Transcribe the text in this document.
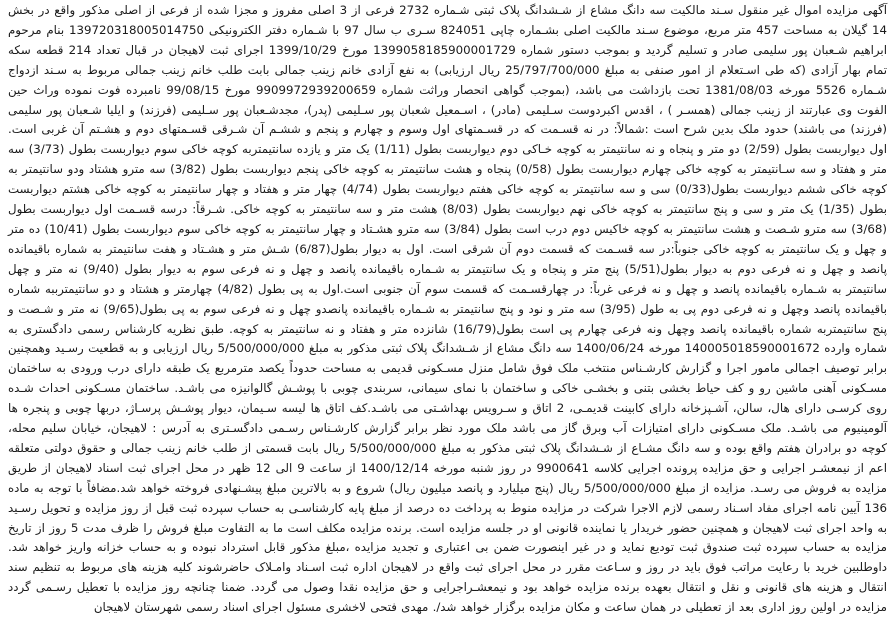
آگهی مزایده اموال غیر منقول سـند مالکیت سه دانگ مشاع از شـشدانگ پلاک ثبتی شـماره 2732 فرعی از 3 اصلی مفروز و مجزا شده از فرعی از اصلی مذکور واقع در بخش 14 گیلان به مساحت 457 متر مربع، موضوع سـند مالکیت اصلی بشـماره چاپی 824051 سـری ب سال 97 با شـماره دفتر الکترونیکی 139720318005014750 بنام مرحوم ابراهیم شـعبان پور سلیمی صادر و تسلیم گردید و بموجب دستور شماره 1399058185900001729 مورخ 1399/10/29 اجرای ثبت لاهیجان در قبال تعداد 214 قطعه سکه تمام بهار آزادی (که طی اسـتعلام از امور صنفی به مبلغ 25/797/700/000 ریال ارزیابی) به نفع آزادی خانم زینب جمالی بابت طلب خانم زینب جمالی مربوط به سـند ازدواج شـماره 5526 مورخه 1381/08/03 تحت بازداشت می باشد، (بموجب گواهی انحصار وراثت شماره 9909972939200659 مورخ 99/08/15 نامبرده فوت نموده وراث حین الفوت وی عبارتند از زینب جمالی (همسـر ) ، اقدس اکبردوست سـلیمی (مادر) ، اسـمعیل شعبان پور سـلیمی (پدر)، مجدشـعبان پور سـلیمی (فرزند) و ایلیا شـعبان پور سلیمی (فرزند) می باشند) حدود ملک بدین شرح است :شمالاً: در نه قسـمت که در قسـمتهای اول وسوم و چهارم و پنجم و ششـم آن شـرقی قسـمتهای دوم و هشـتم آن غربی است. اول دیواربست بطول (2/59) دو متر و پنجاه و نه سانتیمتر به کوچه خـاکی دوم دیواربست بطول (1/11) یک متر و یازده سانتیمتربه کوچه خاکی سوم دیواربست بطول (3/73) سه متر و هفتاد و سه سـانتیمتر به کوچه خاکی چهارم دیواربست بطول (0/58) پنجاه و هشت سانتیمتر به کوچه خاکی پنجم دیواربست بطول (3/82) سه مترو هشتاد ودو سانتیمتر به کوچه خاکی ششم دیواربست بطول(0/33) سی و سه سانتیمتر به کوچه خاکی هفتم دیواربست بطول (4/74) چهار متر و هفتاد و چهار سانتیمتر به کوچه خاکی هشتم دیواربست بطول (1/35) یک متر و سی و پنج سانتیمتر به کوچه خاکی نهم دیواربست بطول (8/03) هشت متر و سه سانتیمتر به کوچه خاکی. شـرقاً: درسه قسـمت اول دیواربست بطول (3/68) سه مترو شـصت و هشت سانتیمتر به کوچه خاکیس دوم درب است بطول (3/84) سه مترو هشـتاد و چهار سانتیمتر به کوچه خاکی سوم دیواربست بطول (10/41) ده متر و چهل و یک سانتیمتر به کوچه خاکی جنوباً:در سه قسـمت که قسمت دوم آن شرقی است. اول به دیوار بطول(6/87) شـش متر و هشـتاد و هفت سانتیمتر به شماره باقیمانده پانصد و چهل و نه فرعی دوم به دیوار بطول(5/51) پنج متر و پنجاه و یک سانتیمتر به شـماره باقیمانده پانصد و چهل و نه فرعی سوم به دیوار بطول (9/40) نه متر و چهل سانتیمتر به شـماره باقیمانده پانصد و چهل و نه فرعی غرباً: در چهارقسـمت که قسمت سوم آن جنوبی است.اول به پی بطول (4/82) چهارمتر و هشتاد و دو سانتیمترببه شماره باقیمانده پانصد وچهل و نه فرعی دوم پی به طول (3/95) سه متر و نود و پنج سانتیمتر به شـماره باقیمانده پانصدو چهل و نه فرعی سوم به پی بطول(9/65) نه متر و شـصت و پنج سانتیمتربه شماره باقیمانده پانصد وچهل ونه فرعی چهارم پی است بطول(16/79) شانزده متر و هفتاد و نه سانتیمتر به کوچه. طبق نظریه کارشناس رسمی دادگستری به شماره وارده 140005018590001672 مورخه 1400/06/24 سه دانگ مشاع از شـشدانگ پلاک ثبتی مذکور به مبلغ 5/500/000/000 ریال ارزیابی و به قطعیت رسـید وهمچنین برابر توصیف اجمالی مامور اجرا و گزارش کارشـناس منتخب ملک فوق شامل منزل مسـکونی قدیمی به مساحت حدوداً یکصد مترمربع یک طبقه دارای درب ورودی به ساختمان مسـکونی آهنی ماشین رو و کف حیاط بخشی بتنی و بخشـی خاکی و ساختمان با نمای سیمانی، سربندی چوبی با پوشـش گالوانیزه می باشـد. ساختمان مسـکونی احداث شـده روی کرسـی دارای هال، سالن، آشـپزخانه دارای کابینت قدیمـی، 2 اتاق و سـرویس بهداشـتی می باشـد.کف اتاق ها لیسه سـیمان، دیوار پوشـش پرسـاژ، دربها چوبی و پنجره ها آلومینیوم می باشـد. ملک مسـکونی دارای امتیازات آب وبرق گاز می باشد ملک مورد نظر برابر گزارش کارشـناس رسـمی دادگسـتری به آدرس : لاهیجان، خیابان سلیم محله، کوچه دو برادران هفتم واقع بوده و سه دانگ مشـاع از شـشدانگ پلاک ثبتی مذکور به مبلغ 5/500/000/000 ریال بابت قسمتی از طلب خانم زینب جمالی و حقوق دولتی متعلقه اعم از نیمعشـر اجرایی و حق مزایده پرونده اجرایی کلاسه 9900641 در روز شنبه مورخه 1400/12/14 از ساعت 9 الی 12 ظهر در محل اجرای ثبت اسناد لاهیجان از طریق مزایده به فروش می رسـد. مزایده از مبلغ 5/500/000/000 ریال (پنج میلیارد و پانصد میلیون ریال) شروع و به بالاترین مبلغ پیشـنهادی فروخته خواهد شد.مضافاً با توجه به ماده 136 آیین نامه اجرای مفاد اسـناد رسمی لازم الاجرا شرکت در مزایده منوط به پرداخت ده درصد از مبلغ پایه کارشناسـی به حساب سپرده ثبت قبل از روز مزایده و تحویل رسـید به واحد اجرای ثبت لاهیجان و همچنین حضور خریدار یا نماینده قانونی او در جلسه مزایده است. برنده مزایده مکلف است ما به التفاوت مبلغ فروش را ظرف مدت 5 روز از تاریخ مزایده به حساب سپرده ثبت صندوق ثبت توديع نمايد و در غير اينصورت ضمن بى اعتبارى و تجديد مزايده ،مبلغ مذكور قابل استرداد نبوده و به حساب خزانه واریز خواهد شد. داوطلبین خرید با رعایت مراتب فوق باید در روز و سـاعت مقرر در محل اجرای ثبت واقع در لاهیجان اداره ثبت اسـناد وامـلاک حاضرشوند کلیه هزینه های مربوط به تنظیم سند انتقال و هزینه های قانونی و نقل و انتقال بعهده برنده مزایده خواهد بود و نیمعشـراجرایی و حق مزایده نقدا وصول می گردد. ضمنا چنانچه روز مزایده با تعطیل رسـمی گردد مزایده در اولین روز اداری بعد از تعطیلی در همان ساعت و مکان مزایده برگزار خواهد شد/. مهدی فتحی لاخشری مسئول اجرای اسناد رسمی شهرستان لاهیجان
